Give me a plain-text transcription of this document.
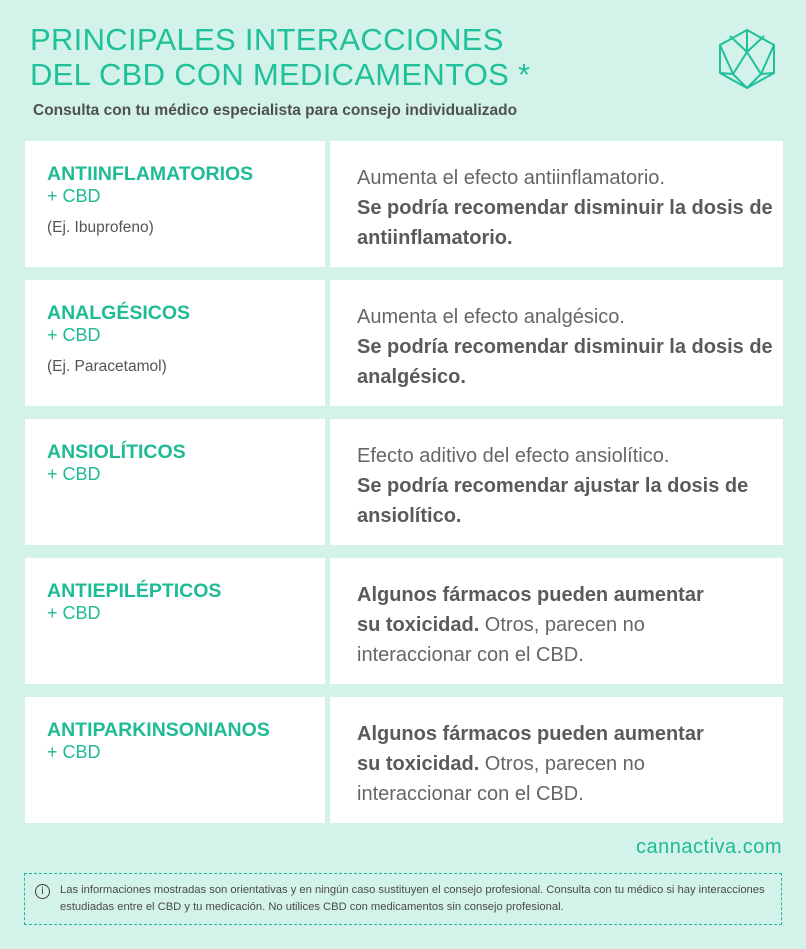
PRINCIPALES INTERACCIONES
DEL CBD CON MEDICAMENTOS *
Consulta con tu médico especialista para consejo individualizado
ANTIINFLAMATORIOS
+ CBD
(Ej. Ibuprofeno)
Aumenta el efecto antiinflamatorio.
Se podría recomendar disminuir la dosis de antiinflamatorio.
ANALGÉSICOS
+ CBD
(Ej. Paracetamol)
Aumenta el efecto analgésico.
Se podría recomendar disminuir la dosis de analgésico.
ANSIOLÍTICOS
+ CBD
Efecto aditivo del efecto ansiolítico.
Se podría recomendar ajustar la dosis de ansiolítico.
ANTIEPILÉPTICOS
+ CBD
Algunos fármacos pueden aumentar su toxicidad. Otros, parecen no interaccionar con el CBD.
ANTIPARKINSONIANOS
+ CBD
Algunos fármacos pueden aumentar su toxicidad. Otros, parecen no interaccionar con el CBD.
cannactiva.com
i	Las informaciones mostradas son orientativas y en ningún caso sustituyen el consejo profesional. Consulta con tu médico si hay interacciones estudiadas entre el CBD y tu medicación. No utilices CBD con medicamentos sin consejo profesional.
